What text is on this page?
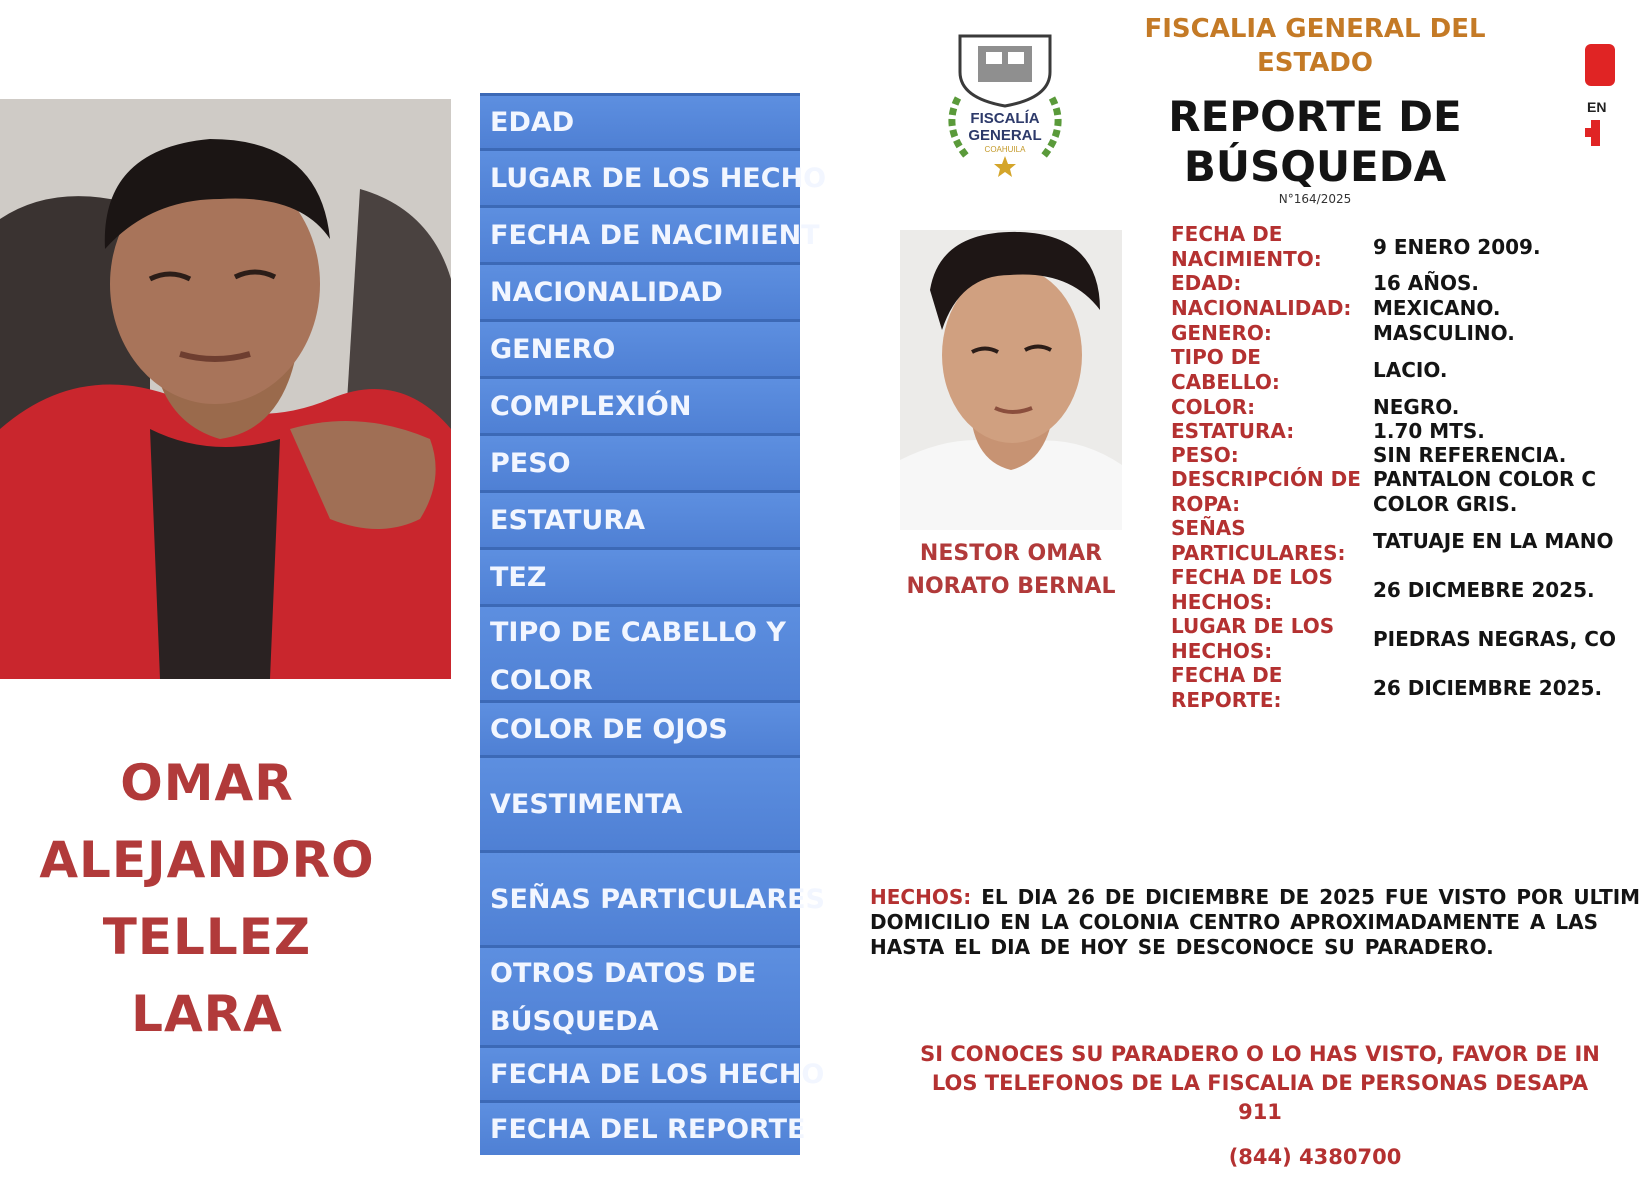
OMAR
ALEJANDRO
TELLEZ
LARA
EDAD
LUGAR DE LOS HECHO
FECHA DE NACIMIENT
NACIONALIDAD
GENERO
COMPLEXIÓN
PESO
ESTATURA
TEZ
TIPO DE CABELLO Y COLOR
COLOR DE OJOS
VESTIMENTA
SEÑAS PARTICULARES
OTROS DATOS DE BÚSQUEDA
FECHA DE LOS HECHO
FECHA DEL REPORTE
FISCALÍA
GENERAL
COAHUILA
FISCALIA GENERAL DEL
ESTADO
REPORTE DE
BÚSQUEDA
N°164/2025
EN
NESTOR OMAR
NORATO BERNAL
FECHA DE NACIMIENTO:	9 ENERO 2009.
EDAD:	16 AÑOS.
NACIONALIDAD:	MEXICANO.
GENERO:	MASCULINO.
TIPO DE CABELLO:	LACIO.
COLOR:	NEGRO.
ESTATURA:	1.70 MTS.
PESO:	SIN REFERENCIA.
DESCRIPCIÓN DE ROPA:
PANTALON COLOR C
COLOR GRIS.
SEÑAS PARTICULARES: TATUAJE EN LA MANO
FECHA DE LOS HECHOS:	26 DICMEBRE 2025.
LUGAR DE LOS HECHOS:	PIEDRAS NEGRAS, CO
FECHA DE REPORTE:	26 DICIEMBRE 2025.
HECHOS: EL DIA 26 DE DICIEMBRE DE 2025 FUE VISTO POR ULTIM
DOMICILIO EN LA COLONIA CENTRO APROXIMADAMENTE A LAS
HASTA EL DIA DE HOY SE DESCONOCE SU PARADERO.
SI CONOCES SU PARADERO O LO HAS VISTO, FAVOR DE IN
LOS TELEFONOS DE LA FISCALIA DE PERSONAS DESAPA
911
(844) 4380700
